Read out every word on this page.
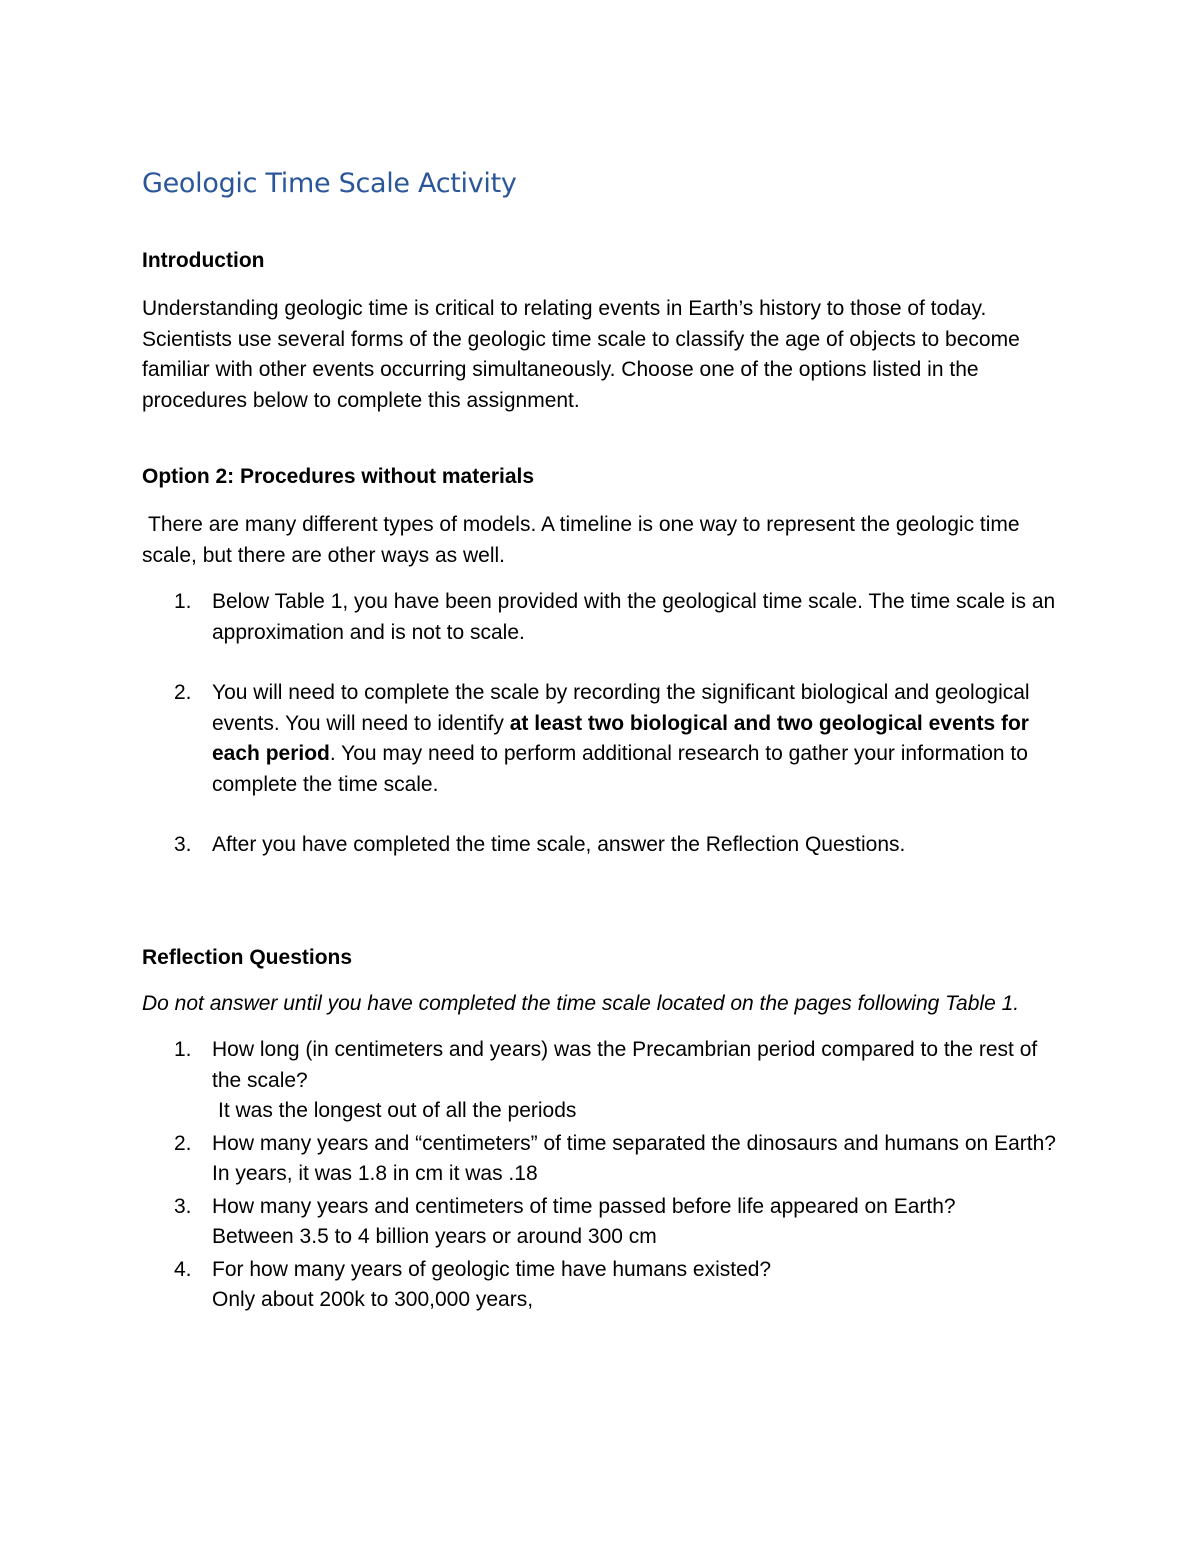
Geologic Time Scale Activity
Introduction

Understanding geologic time is critical to relating events in Earth’s history to those of today. Scientists use several forms of the geologic time scale to classify the age of objects to become familiar with other events occurring simultaneously. Choose one of the options listed in the procedures below to complete this assignment.

Option 2: Procedures without materials

There are many different types of models. A timeline is one way to represent the geologic time scale, but there are other ways as well.

1. Below Table 1, you have been provided with the geological time scale. The time scale is an approximation and is not to scale.
2. You will need to complete the scale by recording the significant biological and geological events. You will need to identify at least two biological and two geological events for each period. You may need to perform additional research to gather your information to complete the time scale.
3. After you have completed the time scale, answer the Reflection Questions.
Reflection Questions

Do not answer until you have completed the time scale located on the pages following Table 1.

1. How long (in centimeters and years) was the Precambrian period compared to the rest of the scale?
It was the longest out of all the periods
2. How many years and “centimeters” of time separated the dinosaurs and humans on Earth?
In years, it was 1.8 in cm it was .18
3. How many years and centimeters of time passed before life appeared on Earth?
Between 3.5 to 4 billion years or around 300 cm
4. For how many years of geologic time have humans existed?
Only about 200k to 300,000 years,
